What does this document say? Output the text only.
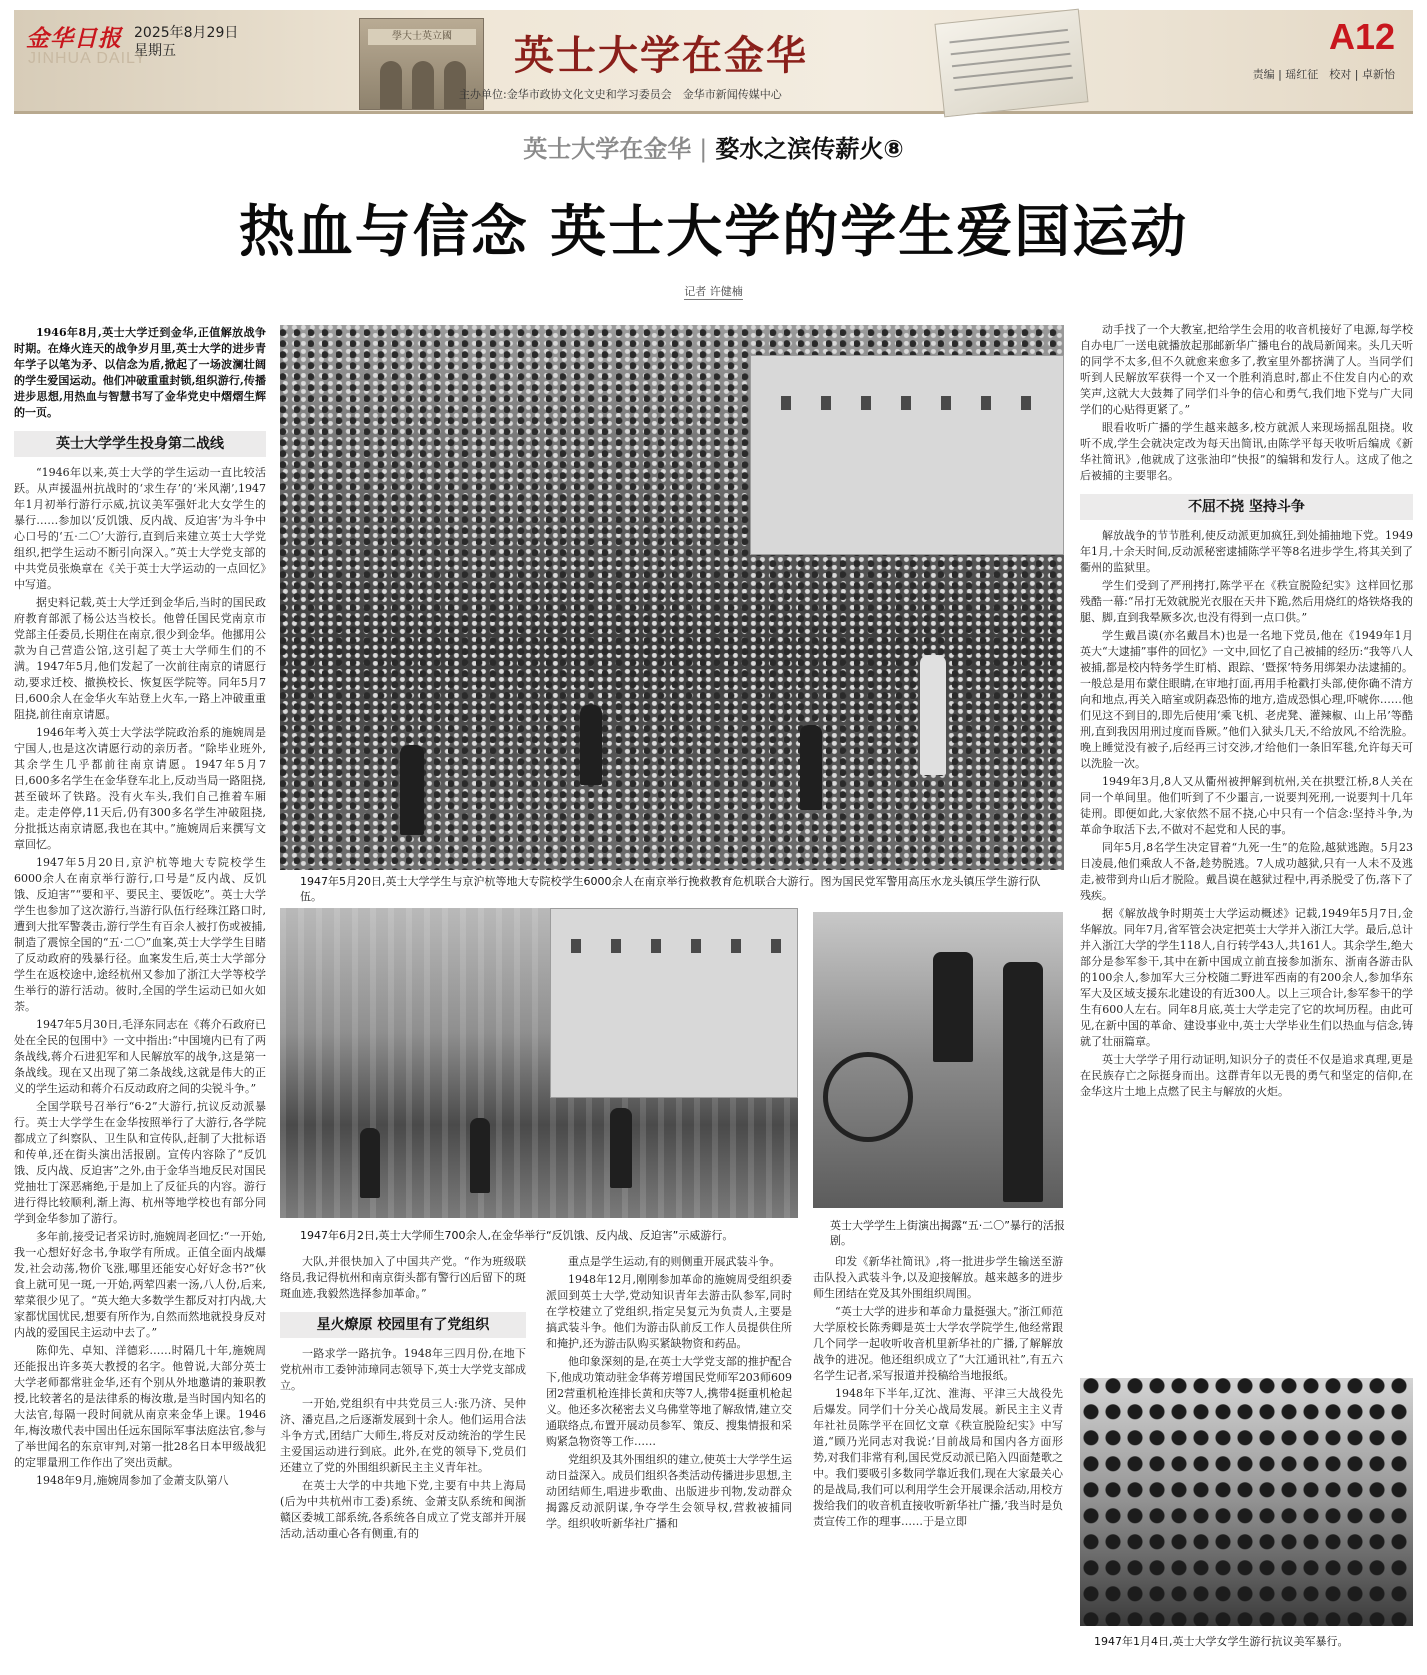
金华日报
JINHUA DAILY
2025年8月29日
星期五
學大士英立國	英士大学在金华
主办单位:金华市政协文化文史和学习委员会　金华市新闻传媒中心
A12
责编 | 瑶红征　校对 | 卓新怡
英士大学在金华 | 婺水之滨传薪火⑧
热血与信念 英士大学的学生爱国运动
记者 许健楠

1946年8月,英士大学迁到金华,正值解放战争时期。在烽火连天的战争岁月里,英士大学的进步青年学子以笔为矛、以信念为盾,掀起了一场波澜壮阔的学生爱国运动。他们冲破重重封锁,组织游行,传播进步思想,用热血与智慧书写了金华党史中熠熠生辉的一页。

英士大学学生投身第二战线

“1946年以来,英士大学的学生运动一直比较活跃。从声援温州抗战时的‘求生存’的‘米风潮’,1947年1月初举行游行示威,抗议美军强奸北大女学生的暴行……参加以‘反饥饿、反内战、反迫害’为斗争中心口号的‘五·二〇’大游行,直到后来建立英士大学党组织,把学生运动不断引向深入。”英士大学党支部的中共党员张焕章在《关于英士大学运动的一点回忆》中写道。

据史料记载,英士大学迁到金华后,当时的国民政府教育部派了杨公达当校长。他曾任国民党南京市党部主任委员,长期住在南京,很少到金华。他挪用公款为自己营造公馆,这引起了英士大学师生们的不满。1947年5月,他们发起了一次前往南京的请愿行动,要求迁校、撤换校长、恢复医学院等。同年5月7日,600余人在金华火车站登上火车,一路上冲破重重阻挠,前往南京请愿。

1946年考入英士大学法学院政治系的施婉周是宁国人,也是这次请愿行动的亲历者。“除毕业班外,其余学生几乎都前往南京请愿。1947年5月7日,600多名学生在金华登车北上,反动当局一路阻挠,甚至破坏了铁路。没有火车头,我们自己推着车厢走。走走停停,11天后,仍有300多名学生冲破阻挠,分批抵达南京请愿,我也在其中。”施婉周后来撰写文章回忆。

1947年5月20日,京沪杭等地大专院校学生6000余人在南京举行游行,口号是“反内战、反饥饿、反迫害”“要和平、要民主、要饭吃”。英士大学学生也参加了这次游行,当游行队伍行经珠江路口时,遭到大批军警袭击,游行学生有百余人被打伤或被捕,制造了震惊全国的“五·二〇”血案,英士大学学生目睹了反动政府的残暴行径。血案发生后,英士大学部分学生在返校途中,途经杭州又参加了浙江大学等校学生举行的游行活动。彼时,全国的学生运动已如火如荼。

1947年5月30日,毛泽东同志在《蒋介石政府已处在全民的包围中》一文中指出:“中国境内已有了两条战线,蒋介石进犯军和人民解放军的战争,这是第一条战线。现在又出现了第二条战线,这就是伟大的正义的学生运动和蒋介石反动政府之间的尖锐斗争。”

全国学联号召举行“6·2”大游行,抗议反动派暴行。英士大学学生在金华按照举行了大游行,各学院都成立了纠察队、卫生队和宣传队,赶制了大批标语和传单,还在街头演出活报剧。宣传内容除了“反饥饿、反内战、反迫害”之外,由于金华当地反民对国民党抽壮丁深恶痛绝,于是加上了反征兵的内容。游行进行得比较顺利,渐上海、杭州等地学校也有部分同学到金华参加了游行。

多年前,接受记者采访时,施婉周老回忆:“一开始,我一心想好好念书,争取学有所成。正值全面内战爆发,社会动荡,物价飞涨,哪里还能安心好好念书?”伙食上就可见一斑,一开始,两荤四素一汤,八人份,后来,荤菜很少见了。“英大绝大多数学生都反对打内战,大家都忧国忧民,想要有所作为,自然而然地就投身反对内战的爱国民主运动中去了。”

陈仰先、卓知、洋德彩……时隔几十年,施婉周还能报出许多英大教授的名字。他曾说,大部分英士大学老师都常驻金华,还有个别从外地邀请的兼职教授,比较著名的是法律系的梅汝璈,是当时国内知名的大法官,每隔一段时间就从南京来金华上课。1946年,梅汝璈代表中国出任远东国际军事法庭法官,参与了举世闻名的东京审判,对第一批28名日本甲级战犯的定罪量刑工作作出了突出贡献。

1948年9月,施婉周参加了金萧支队第八

1947年5月20日,英士大学学生与京沪杭等地大专院校学生6000余人在南京举行挽救教育危机联合大游行。图为国民党军警用高压水龙头镇压学生游行队伍。
1947年6月2日,英士大学师生700余人,在金华举行“反饥饿、反内战、反迫害”示威游行。
英士大学学生上街演出揭露“五·二〇”暴行的活报剧。

大队,并很快加入了中国共产党。“作为班级联络员,我记得杭州和南京街头都有警行凶后留下的斑斑血迹,我毅然选择参加革命。”

星火燎原 校园里有了党组织

一路求学一路抗争。1948年三四月份,在地下党杭州市工委钟沛璋同志领导下,英士大学党支部成立。

一开始,党组织有中共党员三人:张乃济、吴仲济、潘克昌,之后逐渐发展到十余人。他们运用合法斗争方式,团结广大师生,将反对反动统治的学生民主爱国运动进行到底。此外,在党的领导下,党员们还建立了党的外围组织新民主主义青年社。

在英士大学的中共地下党,主要有中共上海局(后为中共杭州市工委)系统、金萧支队系统和闽浙赣区委城工部系统,各系统各自成立了党支部并开展活动,活动重心各有侧重,有的

重点是学生运动,有的则侧重开展武装斗争。

1948年12月,刚刚参加革命的施婉周受组织委派回到英士大学,党动知识青年去游击队参军,同时在学校建立了党组织,指定吴复元为负责人,主要是搞武装斗争。他们为游击队前反工作人员提供住所和掩护,还为游击队购买紧缺物资和药品。

他印象深刻的是,在英士大学党支部的推护配合下,他成功策动驻金华蒋芳增国民党师军203师609团2营重机枪连排长黄和庆等7人,携带4挺重机枪起义。他还多次秘密去义乌佛堂等地了解敌情,建立交通联络点,布置开展动员参军、策反、搜集情报和采购紧急物资等工作……

党组织及其外围组织的建立,使英士大学学生运动日益深入。成员们组织各类活动传播进步思想,主动团结师生,唱进步歌曲、出版进步刊物,发动群众揭露反动派阴谋,争夺学生会领导权,营救被捕同学。组织收听新华社广播和

印发《新华社简讯》,将一批进步学生输送至游击队投入武装斗争,以及迎接解放。越来越多的进步师生团结在党及其外围组织周围。

“英士大学的进步和革命力量挺强大。”浙江师范大学原校长陈秀卿是英士大学农学院学生,他经常跟几个同学一起收听收音机里新华社的广播,了解解放战争的进况。他还组织成立了“大江通讯社”,有五六名学生记者,采写报道并投稿给当地报纸。

1948年下半年,辽沈、淮海、平津三大战役先后爆发。同学们十分关心战局发展。新民主主义青年社社员陈学平在回忆文章《秩宣脱险纪实》中写道,“顾乃光同志对我说:‘目前战局和国内各方面形势,对我们非常有利,国民党反动派已陷入四面楚歌之中。我们要吸引多数同学靠近我们,现在大家最关心的是战局,我们可以利用学生会开展课余活动,用校方拨给我们的收音机直接收听新华社广播,’我当时是负责宣传工作的理事……于是立即

动手找了一个大教室,把给学生会用的收音机接好了电源,每学校自办电厂一送电就播放起那邮新华广播电台的战局新闻来。头几天听的同学不太多,但不久就愈来愈多了,教室里外都挤满了人。当同学们听到人民解放军获得一个又一个胜利消息时,都止不住发自内心的欢笑声,这就大大鼓舞了同学们斗争的信心和勇气,我们地下党与广大同学们的心贴得更紧了。”

眼看收听广播的学生越来越多,校方就派人来现场摇乱阻挠。收听不成,学生会就决定改为每天出简讯,由陈学平每天收听后编成《新华社简讯》,他就成了这张油印“快报”的编辑和发行人。这成了他之后被捕的主要罪名。

不屈不挠 坚持斗争

解放战争的节节胜利,使反动派更加疯狂,到处捕抽地下党。1949年1月,十余天时间,反动派秘密逮捕陈学平等8名进步学生,将其关到了衢州的监狱里。

学生们受到了严刑拷打,陈学平在《秩宣脱险纪实》这样回忆那残酷一幕:“吊打无效就脱光衣服在天井下跪,然后用烧红的烙铁烙我的腿、脚,直到我晕厥多次,也没有得到一点口供。”

学生戴昌谟(亦名戴昌木)也是一名地下党员,他在《1949年1月英大“大逮捕”事件的回忆》一文中,回忆了自己被捕的经历:“我等八人被捕,都是校内特务学生盯梢、跟踪、‘暨探’特务用绑架办法逮捕的。一般总是用布蒙住眼睛,在审地打面,再用手枪戳打头部,使你确不清方向和地点,再关入暗室或阴森恐怖的地方,造成恐惧心理,吓唬你……他们见这不到目的,即先后使用‘乘飞机、老虎凳、灌辣椒、山上吊’等酷刑,直到我因用刑过度而昏厥。”他们入狱头几天,不给放风,不给洗脸。晚上睡觉没有被子,后经再三讨交涉,才给他们一条旧军毯,允许每天可以洗脸一次。

1949年3月,8人又从衢州被押解到杭州,关在拱墅江桥,8人关在同一个单间里。他们听到了不少噩言,一说要判死刑,一说要判十几年徒刑。即便如此,大家依然不屈不挠,心中只有一个信念:坚持斗争,为革命争取活下去,不做对不起党和人民的事。

同年5月,8名学生决定冒着“九死一生”的危险,越狱逃跑。5月23日凌晨,他们乘敌人不备,趁势脱逃。7人成功越狱,只有一人未不及逃走,被带到舟山后才脱险。戴昌谟在越狱过程中,再杀脱受了伤,落下了残疾。

据《解放战争时期英士大学运动概述》记载,1949年5月7日,金华解放。同年7月,省军管会决定把英士大学并入浙江大学。最后,总计并入浙江大学的学生118人,自行转学43人,共161人。其余学生,绝大部分是参军参干,其中在新中国成立前直接参加浙东、浙南各游击队的100余人,参加军大三分校随二野进军西南的有200余人,参加华东军大及区域支援东北建设的有近300人。以上三项合计,参军参干的学生有600人左右。同年8月底,英士大学走完了它的坎坷历程。由此可见,在新中国的革命、建设事业中,英士大学毕业生们以热血与信念,铸就了壮丽篇章。

英士大学学子用行动证明,知识分子的责任不仅是追求真理,更是在民族存亡之际挺身而出。这群青年以无畏的勇气和坚定的信仰,在金华这片土地上点燃了民主与解放的火炬。

1947年1月4日,英士大学女学生游行抗议美军暴行。
